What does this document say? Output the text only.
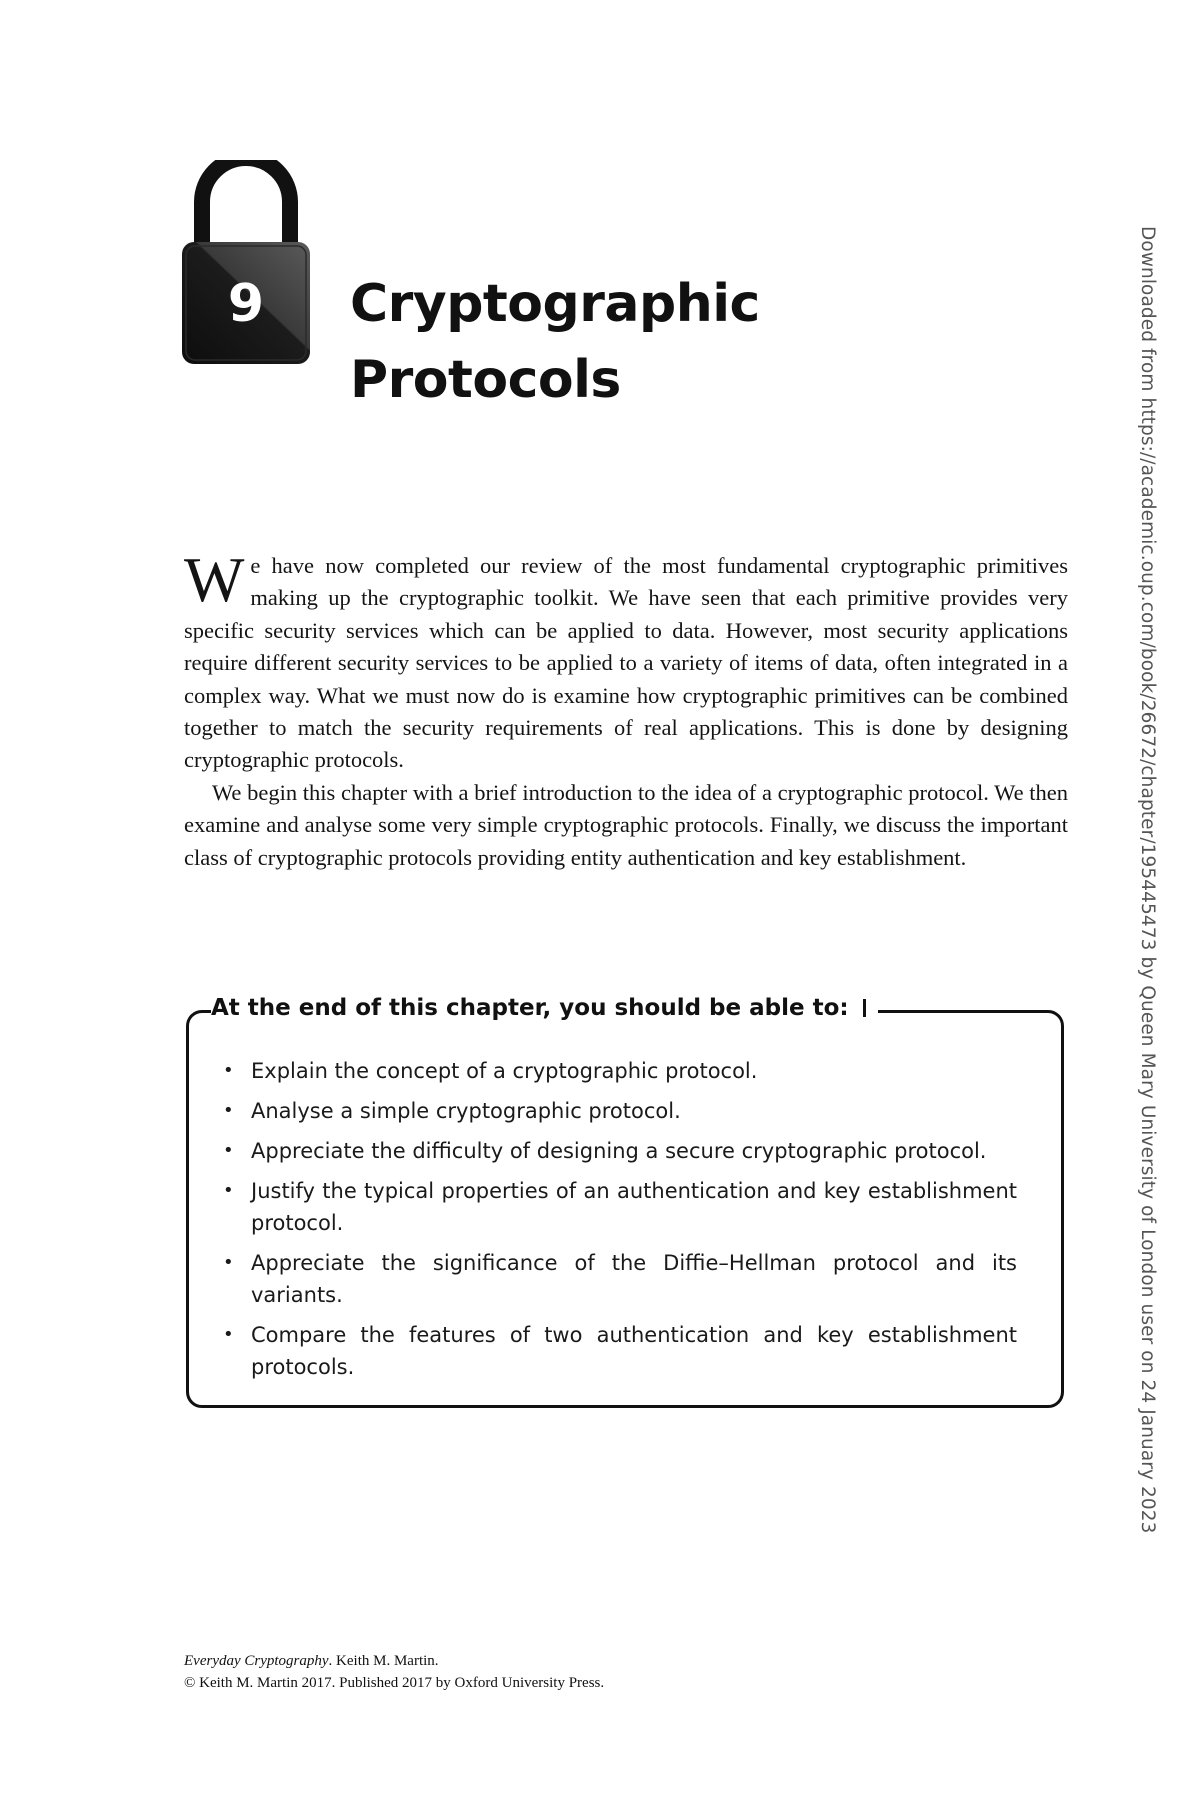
9	Cryptographic
Protocols

We have now completed our review of the most fundamental cryptographic primitives making up the cryptographic toolkit. We have seen that each primitive provides very specific security services which can be applied to data. However, most security applications require different security services to be applied to a variety of items of data, often integrated in a complex way. What we must now do is examine how cryptographic primitives can be combined together to match the security requirements of real applications. This is done by designing cryptographic protocols.

We begin this chapter with a brief introduction to the idea of a cryptographic protocol. We then examine and analyse some very simple cryptographic protocols. Finally, we discuss the important class of cryptographic protocols providing entity authentication and key establishment.

At the end of this chapter, you should be able to:
• Explain the concept of a cryptographic protocol.
• Analyse a simple cryptographic protocol.
• Appreciate the difficulty of designing a secure cryptographic protocol.
• Justify the typical properties of an authentication and key establishment protocol.
• Appreciate the significance of the Diffie–Hellman protocol and its variants.
• Compare the features of two authentication and key establishment protocols.	Downloaded from https://academic.oup.com/book/26672/chapter/195445473 by Queen Mary University of London user on 24 January 2023
Everyday Cryptography. Keith M. Martin.
© Keith M. Martin 2017. Published 2017 by Oxford University Press.
